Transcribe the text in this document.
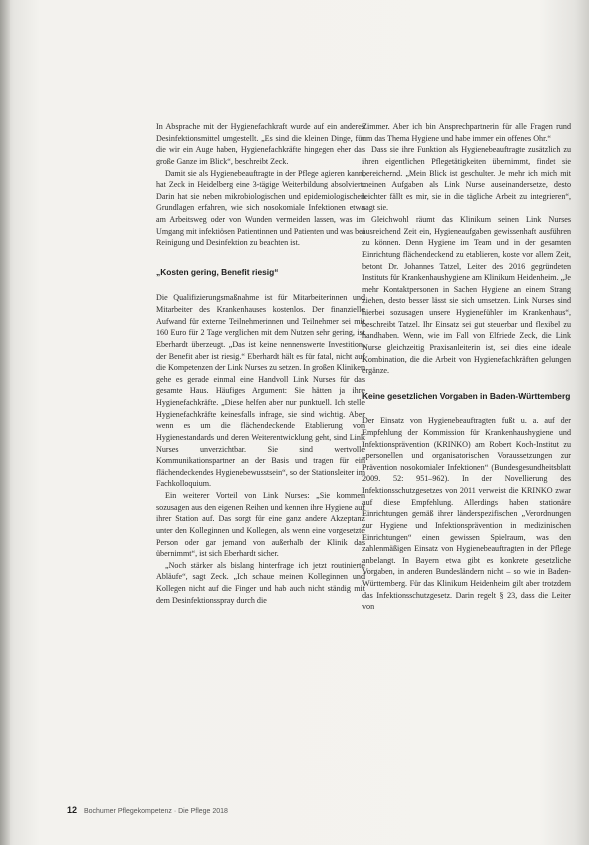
In Absprache mit der Hygienefachkraft wurde auf ein anderes Desinfektionsmittel umgestellt. „Es sind die kleinen Dinge, für die wir ein Auge haben, Hygienefachkräfte hingegen eher das große Ganze im Blick“, beschreibt Zeck.

Damit sie als Hygienebeauftragte in der Pflege agieren kann, hat Zeck in Heidelberg eine 3-tägige Weiterbildung absolviert. Darin hat sie neben mikrobiologischen und epidemiologischen Grundlagen erfahren, wie sich nosokomiale Infektionen etwa am Arbeitsweg oder von Wunden vermeiden lassen, was im Umgang mit infektiösen Patientinnen und Patienten und was bei Reinigung und Desinfektion zu beachten ist.

„Kosten gering, Benefit riesig“

Die Qualifizierungsmaßnahme ist für Mitarbeiterinnen und Mitarbeiter des Krankenhauses kostenlos. Der finanzielle Aufwand für externe Teilnehmerinnen und Teilnehmer sei mit 160 Euro für 2 Tage verglichen mit dem Nutzen sehr gering, ist Eberhardt überzeugt. „Das ist keine nennenswerte Investition, der Benefit aber ist riesig.“ Eberhardt hält es für fatal, nicht auf die Kompetenzen der Link Nurses zu setzen. In großen Kliniken gehe es gerade einmal eine Handvoll Link Nurses für das gesamte Haus. Häufiges Argument: Sie hätten ja ihre Hygienefachkräfte. „Diese helfen aber nur punktuell. Ich stelle Hygienefachkräfte keinesfalls infrage, sie sind wichtig. Aber wenn es um die flächendeckende Etablierung von Hygienestandards und deren Weiterentwicklung geht, sind Link Nurses unverzichtbar. Sie sind wertvolle Kommunikationspartner an der Basis und tragen für ein flächendeckendes Hygienebewusstsein“, so der Stationsleiter im Fachkolloquium.

Ein weiterer Vorteil von Link Nurses: „Sie kommen sozusagen aus den eigenen Reihen und kennen ihre Hygiene auf ihrer Station auf. Das sorgt für eine ganz andere Akzeptanz unter den Kolleginnen und Kollegen, als wenn eine vorgesetzte Person oder gar jemand von außerhalb der Klinik das übernimmt“, ist sich Eberhardt sicher.

„Noch stärker als bislang hinterfrage ich jetzt routinierte Abläufe“, sagt Zeck. „Ich schaue meinen Kolleginnen und Kollegen nicht auf die Finger und hab auch nicht ständig mit dem Desinfektionsspray durch die

Zimmer. Aber ich bin Ansprechpartnerin für alle Fragen rund um das Thema Hygiene und habe immer ein offenes Ohr.“

Dass sie ihre Funktion als Hygienebeauftragte zusätzlich zu ihren eigentlichen Pflegetätigkeiten übernimmt, findet sie bereichernd. „Mein Blick ist geschulter. Je mehr ich mich mit meinen Aufgaben als Link Nurse auseinandersetze, desto leichter fällt es mir, sie in die tägliche Arbeit zu integrieren“, sagt sie.

Gleichwohl räumt das Klinikum seinen Link Nurses ausreichend Zeit ein, Hygieneaufgaben gewissenhaft ausführen zu können. Denn Hygiene im Team und in der gesamten Einrichtung flächendeckend zu etablieren, koste vor allem Zeit, betont Dr. Johannes Tatzel, Leiter des 2016 gegründeten Instituts für Krankenhaushygiene am Klinikum Heidenheim. „Je mehr Kontaktpersonen in Sachen Hygiene an einem Strang ziehen, desto besser lässt sie sich umsetzen. Link Nurses sind hierbei sozusagen unsere Hygienefühler im Krankenhaus“, beschreibt Tatzel. Ihr Einsatz sei gut steuerbar und flexibel zu handhaben. Wenn, wie im Fall von Elfriede Zeck, die Link Nurse gleichzeitig Praxisanleiterin ist, sei dies eine ideale Kombination, die die Arbeit von Hygienefachkräften gelungen ergänze.

Keine gesetzlichen Vorgaben in Baden-Württemberg

Der Einsatz von Hygienebeauftragten fußt u. a. auf der Empfehlung der Kommission für Krankenhaushygiene und Infektionsprävention (KRINKO) am Robert Koch-Institut zu „personellen und organisatorischen Voraussetzungen zur Prävention nosokomialer Infektionen“ (Bundesgesundheitsblatt 2009. 52: 951–962). In der Novellierung des Infektionsschutzgesetzes von 2011 verweist die KRINKO zwar auf diese Empfehlung. Allerdings haben stationäre Einrichtungen gemäß ihrer länderspezifischen „Verordnungen zur Hygiene und Infektionsprävention in medizinischen Einrichtungen“ einen gewissen Spielraum, was den zahlenmäßigen Einsatz von Hygienebeauftragten in der Pflege anbelangt. In Bayern etwa gibt es konkrete gesetzliche Vorgaben, in anderen Bundesländern nicht – so wie in Baden-Württemberg. Für das Klinikum Heidenheim gilt aber trotzdem das Infektionsschutzgesetz. Darin regelt § 23, dass die Leiter von

12 Bochumer Pflegekompetenz · Die Pflege 2018
